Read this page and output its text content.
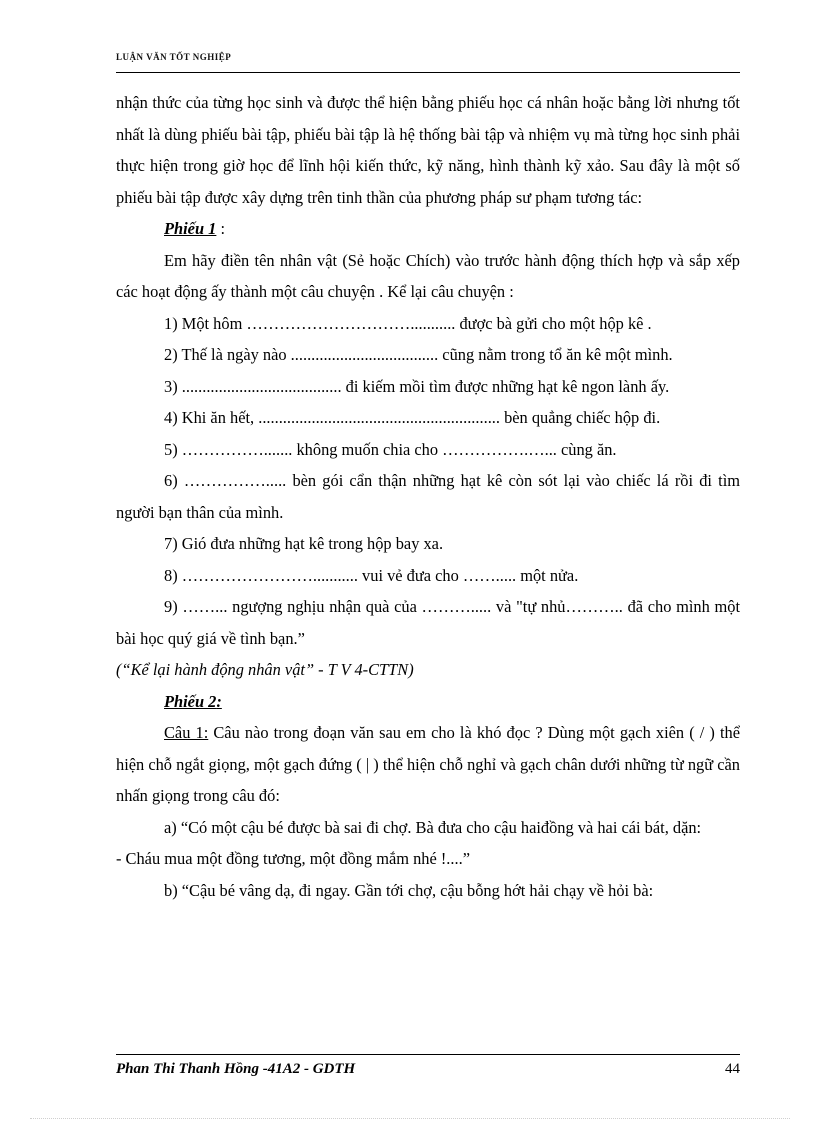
LUẬN VĂN TỐT NGHIỆP

nhận thức của từng học sinh và được thể hiện bằng phiếu học cá nhân hoặc bằng lời nhưng tốt nhất là dùng phiếu bài tập, phiếu bài tập là hệ thống bài tập và nhiệm vụ mà từng học sinh phải thực hiện trong giờ học để lĩnh hội kiến thức, kỹ năng, hình thành kỹ xảo. Sau đây là một số phiếu bài tập được xây dựng trên tinh thần của phương pháp sư phạm tương tác:

Phiếu 1 :

Em hãy điền tên nhân vật (Sẻ hoặc Chích) vào trước hành động thích hợp và sắp xếp các hoạt động ấy thành một câu chuyện . Kể lại câu chuyện :

1) Một hôm …………………………........... được bà gửi cho một hộp kê .

2) Thế là ngày nào .................................... cũng nằm trong tổ ăn kê một mình.

3) ....................................... đi kiếm mồi tìm được những hạt kê ngon lành ấy.

4) Khi ăn hết, ........................................................... bèn quẳng chiếc hộp đi.

5) ……………....... không muốn chia cho …………….…... cùng ăn.

6) ……………..... bèn gói cẩn thận những hạt kê còn sót lại vào chiếc lá rồi đi tìm người bạn thân của mình.

7) Gió đưa những hạt kê trong hộp bay xa.

8) ……………………........... vui vẻ đưa cho ……..... một nửa.

9) ……... ngượng nghịu nhận quà của ………..... và "tự nhủ……….. đã cho mình một bài học quý giá về tình bạn.”

(“Kể lại hành động nhân vật” - T V 4-CTTN)

Phiếu 2:

Câu 1: Câu nào trong đoạn văn sau em cho là khó đọc ? Dùng một gạch xiên ( / ) thể hiện chỗ ngắt giọng, một gạch đứng ( | ) thể hiện chỗ nghỉ và gạch chân dưới những từ ngữ cần nhấn giọng trong câu đó:

a) “Có một cậu bé được bà sai đi chợ. Bà đưa cho cậu haiđồng và hai cái bát, dặn:

- Cháu mua một đồng tương, một đồng mắm nhé !....”

b) “Cậu bé vâng dạ, đi ngay. Gần tới chợ, cậu bỗng hớt hải chạy về hỏi bà:

Phan Thi Thanh Hồng -41A2 - GDTH	44
